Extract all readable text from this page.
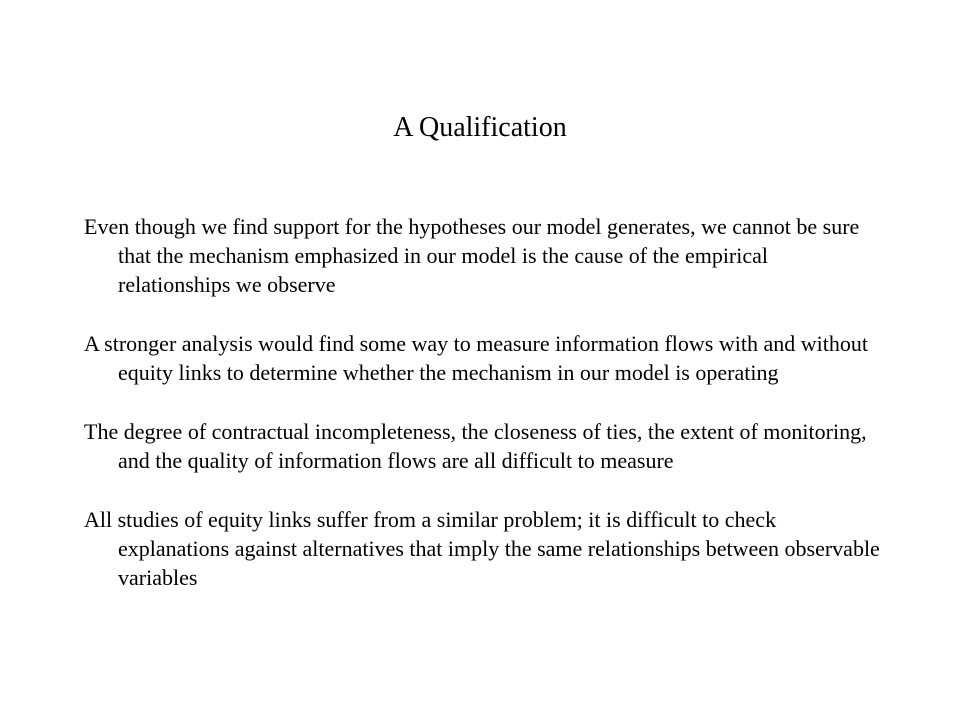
A Qualification
Even though we find support for the hypotheses our model generates, we cannot be sure that the mechanism emphasized in our model is the cause of the empirical relationships we observe
A stronger analysis would find some way to measure information flows with and without equity links to determine whether the mechanism in our model is operating
The degree of contractual incompleteness, the closeness of ties, the extent of monitoring, and the quality of information flows are all difficult to measure
All studies of equity links suffer from a similar problem; it is difficult to check explanations against alternatives that imply the same relationships between observable variables
